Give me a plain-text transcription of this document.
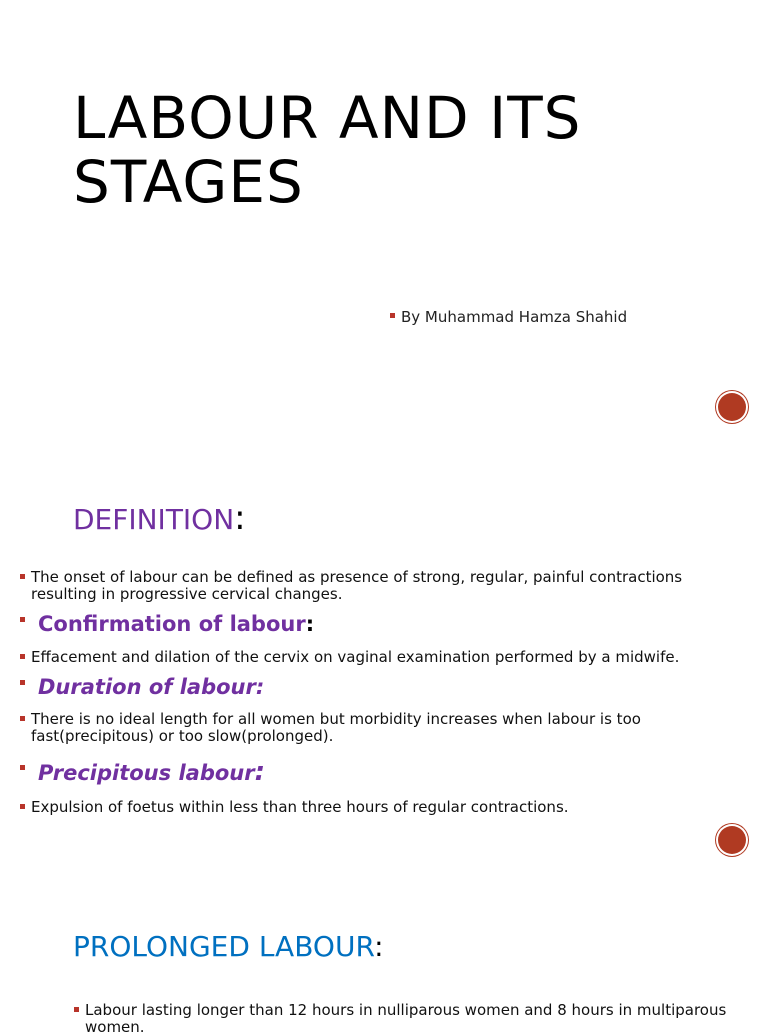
LABOUR AND ITS
STAGES
By Muhammad Hamza Shahid
DEFINITION:
The onset of labour can be defined as presence of strong, regular, painful contractions resulting in progressive cervical changes.
Confirmation of labour:
Effacement and dilation of the cervix on vaginal examination performed by a midwife.
Duration of labour:
There is no ideal length for all women but morbidity increases when labour is too fast(precipitous) or too slow(prolonged).
Precipitous labour:
Expulsion of foetus within less than three hours of regular contractions.
PROLONGED LABOUR:
Labour lasting longer than 12 hours in nulliparous women and 8 hours in multiparous women.
